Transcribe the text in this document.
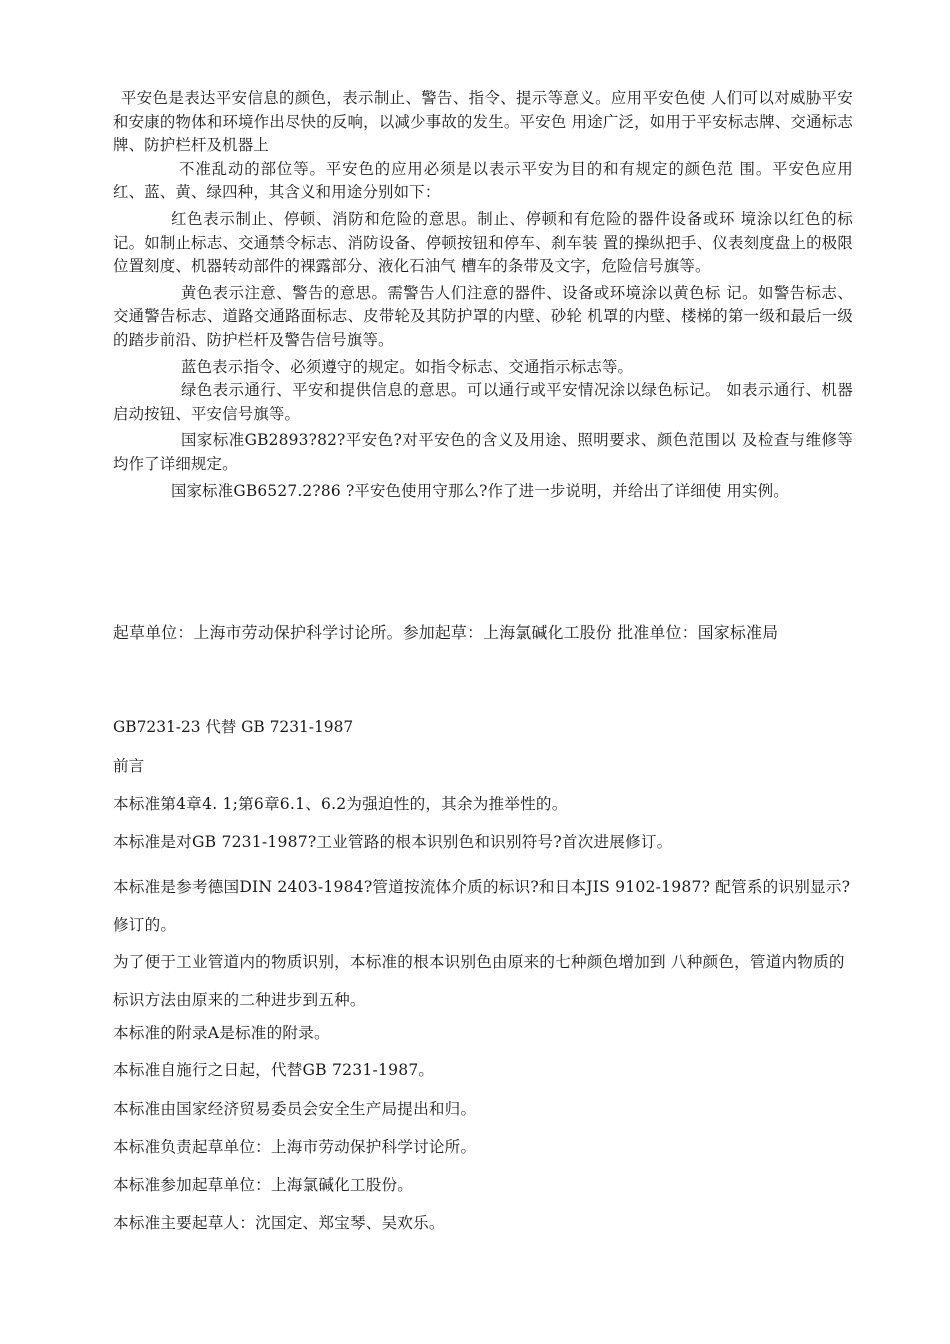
平安色是表达平安信息的颜色，表示制止、警告、指令、提示等意义。应用平安色使 人们可以对威胁平安和安康的物体和环境作出尽快的反响，以减少事故的发生。平安色 用途广泛，如用于平安标志牌、交通标志牌、防护栏杆及机器上

不准乱动的部位等。平安色的应用必须是以表示平安为目的和有规定的颜色范 围。平安色应用红、蓝、黄、绿四种，其含义和用途分别如下：

红色表示制止、停顿、消防和危险的意思。制止、停顿和有危险的器件设备或环 境涂以红色的标记。如制止标志、交通禁令标志、消防设备、停顿按钮和停车、刹车装 置的操纵把手、仪表刻度盘上的极限位置刻度、机器转动部件的裸露部分、液化石油气 槽车的条带及文字，危险信号旗等。

黄色表示注意、警告的意思。需警告人们注意的器件、设备或环境涂以黄色标 记。如警告标志、交通警告标志、道路交通路面标志、皮带轮及其防护罩的内壁、砂轮 机罩的内壁、楼梯的第一级和最后一级的踏步前沿、防护栏杆及警告信号旗等。

蓝色表示指令、必须遵守的规定。如指令标志、交通指示标志等。

绿色表示通行、平安和提供信息的意思。可以通行或平安情况涂以绿色标记。 如表示通行、机器启动按钮、平安信号旗等。

国家标准GB2893?82?平安色?对平安色的含义及用途、照明要求、颜色范围以 及检查与维修等均作了详细规定。

国家标准GB6527.2?86 ?平安色使用守那么?作了进一步说明，并给出了详细使 用实例。

起草单位：上海市劳动保护科学讨论所。参加起草：上海氯碱化工股份 批准单位：国家标准局

GB7231-23 代替 GB 7231-1987

前言

本标准第4章4. 1;第6章6.1、6.2为强迫性的，其余为推举性的。

本标准是对GB 7231-1987?工业管路的根本识别色和识别符号?首次进展修订。

本标准是参考德国DIN 2403-1984?管道按流体介质的标识?和日本JIS 9102-1987? 配管系的识别显示?修订的。

为了便于工业管道内的物质识别，本标准的根本识别色由原来的七种颜色增加到 八种颜色，管道内物质的标识方法由原来的二种进步到五种。

本标准的附录A是标准的附录。

本标准自施行之日起，代替GB 7231-1987。

本标准由国家经济贸易委员会安全生产局提出和归。

本标准负责起草单位：上海市劳动保护科学讨论所。

本标准参加起草单位：上海氯碱化工股份。

本标准主要起草人：沈国定、郑宝琴、吴欢乐。
